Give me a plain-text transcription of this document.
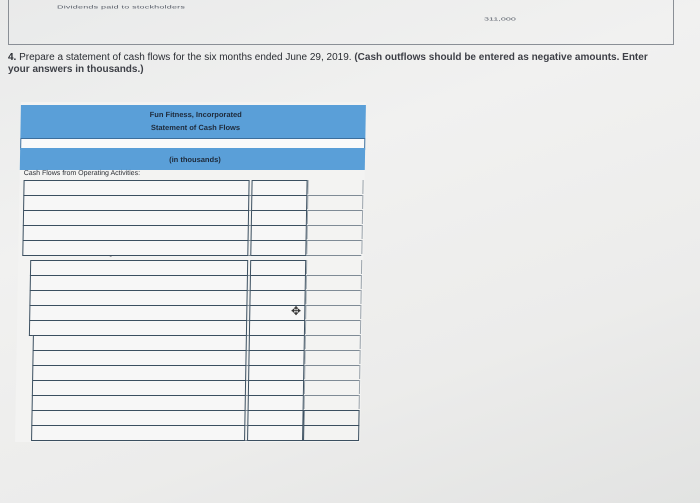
Dividends paid to stockholders
311,000
4. Prepare a statement of cash flows for the six months ended June 29, 2019. (Cash outflows should be entered as negative amounts. Enter your answers in thousands.)
Fun Fitness, Incorporated
Statement of Cash Flows
(in thousands)
Cash Flows from Operating Activities:
✥
